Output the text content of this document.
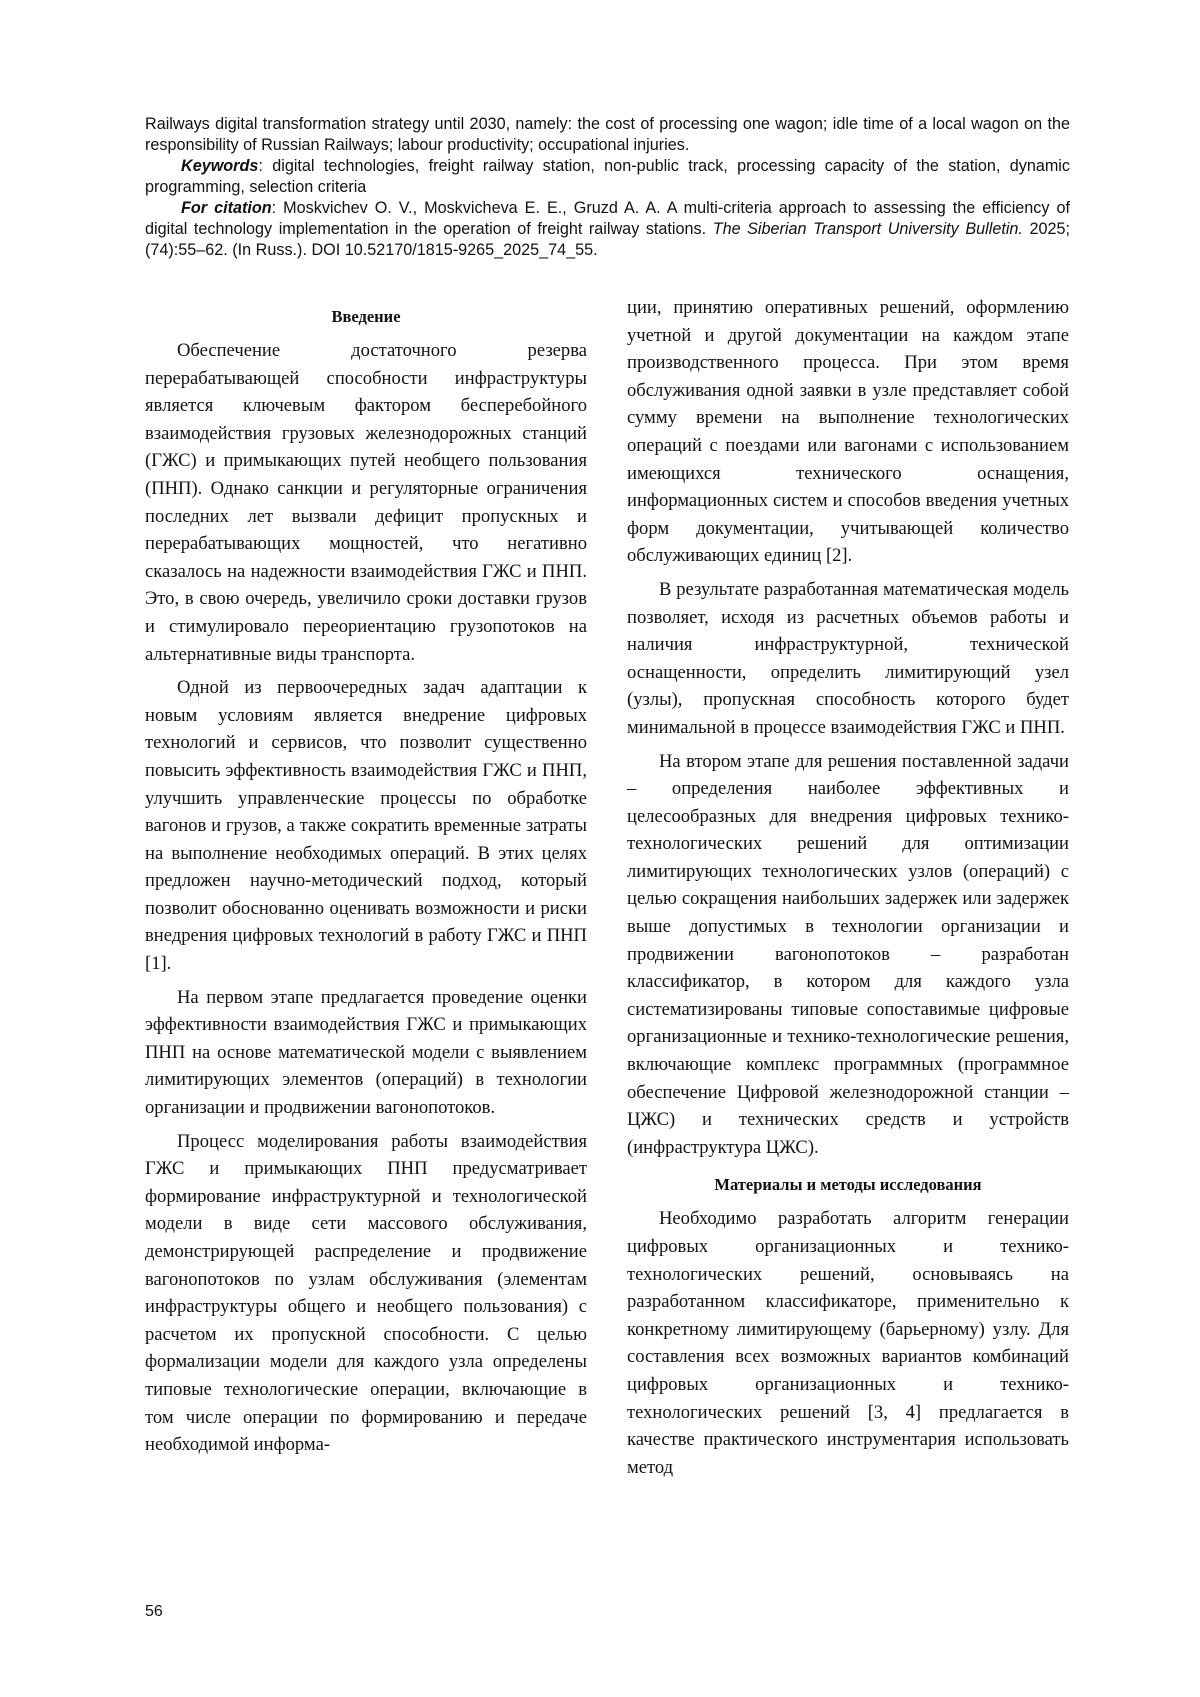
Railways digital transformation strategy until 2030, namely: the cost of processing one wagon; idle time of a local wagon on the responsibility of Russian Railways; labour productivity; occupational injuries.

Keywords: digital technologies, freight railway station, non-public track, processing capacity of the station, dynamic programming, selection criteria

For citation: Moskvichev O. V., Moskvicheva E. E., Gruzd A. A. A multi-criteria approach to assessing the efficiency of digital technology implementation in the operation of freight railway stations. The Siberian Transport University Bulletin. 2025;(74):55–62. (In Russ.). DOI 10.52170/1815-9265_2025_74_55.

Введение

Обеспечение достаточного резерва перерабатывающей способности инфраструктуры является ключевым фактором бесперебойного взаимодействия грузовых железнодорожных станций (ГЖС) и примыкающих путей необщего пользования (ПНП). Однако санкции и регуляторные ограничения последних лет вызвали дефицит пропускных и перерабатывающих мощностей, что негативно сказалось на надежности взаимодействия ГЖС и ПНП. Это, в свою очередь, увеличило сроки доставки грузов и стимулировало переориентацию грузопотоков на альтернативные виды транспорта.

Одной из первоочередных задач адаптации к новым условиям является внедрение цифровых технологий и сервисов, что позволит существенно повысить эффективность взаимодействия ГЖС и ПНП, улучшить управленческие процессы по обработке вагонов и грузов, а также сократить временные затраты на выполнение необходимых операций. В этих целях предложен научно-методический подход, который позволит обоснованно оценивать возможности и риски внедрения цифровых технологий в работу ГЖС и ПНП [1].

На первом этапе предлагается проведение оценки эффективности взаимодействия ГЖС и примыкающих ПНП на основе математической модели с выявлением лимитирующих элементов (операций) в технологии организации и продвижении вагонопотоков.

Процесс моделирования работы взаимодействия ГЖС и примыкающих ПНП предусматривает формирование инфраструктурной и технологической модели в виде сети массового обслуживания, демонстрирующей распределение и продвижение вагонопотоков по узлам обслуживания (элементам инфраструктуры общего и необщего пользования) с расчетом их пропускной способности. С целью формализации модели для каждого узла определены типовые технологические операции, включающие в том числе операции по формированию и передаче необходимой информа-

ции, принятию оперативных решений, оформлению учетной и другой документации на каждом этапе производственного процесса. При этом время обслуживания одной заявки в узле представляет собой сумму времени на выполнение технологических операций с поездами или вагонами с использованием имеющихся технического оснащения, информационных систем и способов введения учетных форм документации, учитывающей количество обслуживающих единиц [2].

В результате разработанная математическая модель позволяет, исходя из расчетных объемов работы и наличия инфраструктурной, технической оснащенности, определить лимитирующий узел (узлы), пропускная способность которого будет минимальной в процессе взаимодействия ГЖС и ПНП.

На втором этапе для решения поставленной задачи – определения наиболее эффективных и целесообразных для внедрения цифровых технико-технологических решений для оптимизации лимитирующих технологических узлов (операций) с целью сокращения наибольших задержек или задержек выше допустимых в технологии организации и продвижении вагонопотоков – разработан классификатор, в котором для каждого узла систематизированы типовые сопоставимые цифровые организационные и технико-технологические решения, включающие комплекс программных (программное обеспечение Цифровой железнодорожной станции – ЦЖС) и технических средств и устройств (инфраструктура ЦЖС).

Материалы и методы исследования

Необходимо разработать алгоритм генерации цифровых организационных и технико-технологических решений, основываясь на разработанном классификаторе, применительно к конкретному лимитирующему (барьерному) узлу. Для составления всех возможных вариантов комбинаций цифровых организационных и технико-технологических решений [3, 4] предлагается в качестве практического инструментария использовать метод

56
